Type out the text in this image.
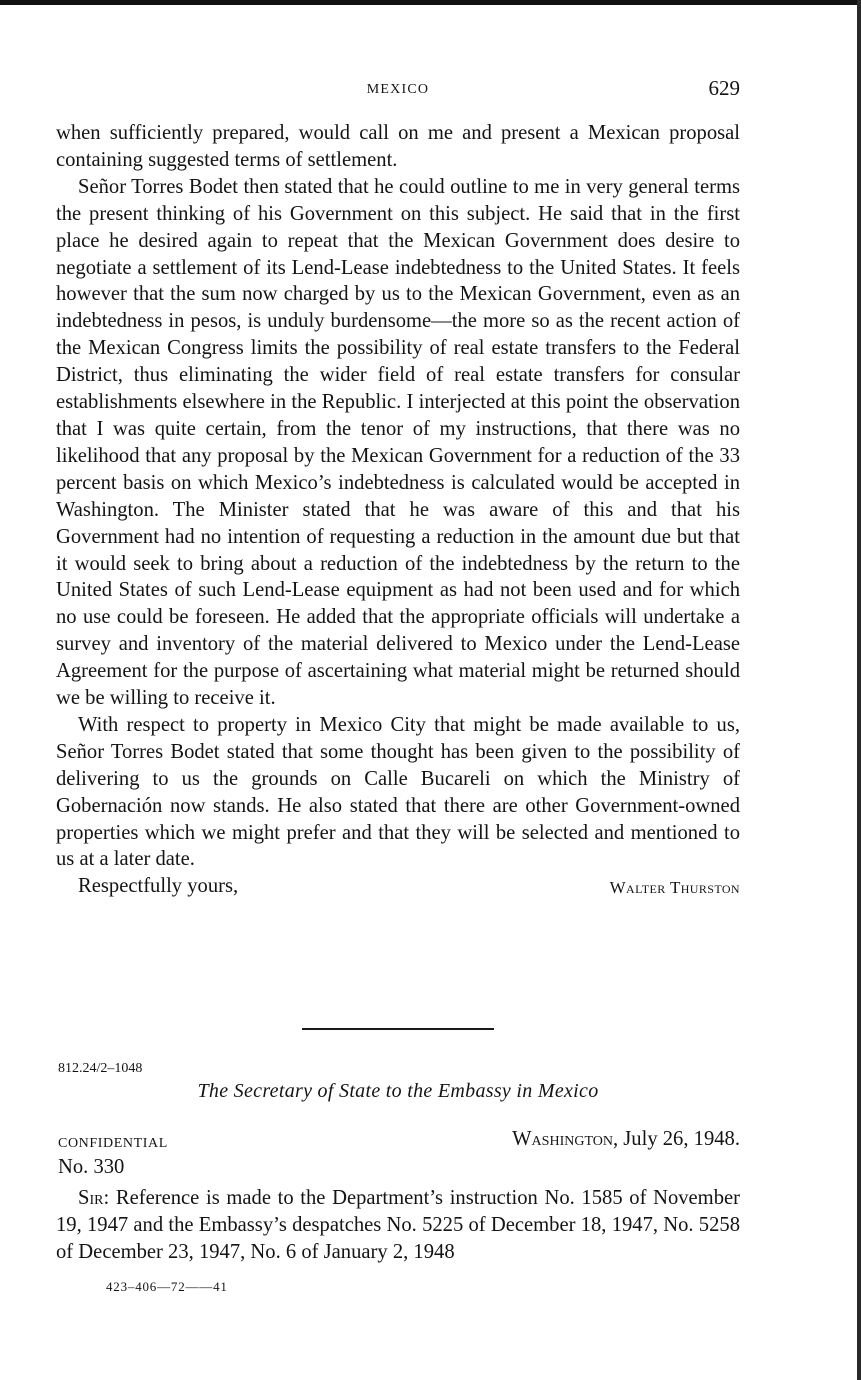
MEXICO	629

when sufficiently prepared, would call on me and present a Mexican proposal containing suggested terms of settlement.

Señor Torres Bodet then stated that he could outline to me in very general terms the present thinking of his Government on this subject. He said that in the first place he desired again to repeat that the Mexican Government does desire to negotiate a settlement of its Lend-Lease indebtedness to the United States. It feels however that the sum now charged by us to the Mexican Government, even as an indebtedness in pesos, is unduly burdensome—the more so as the recent action of the Mexican Congress limits the possibility of real estate transfers to the Federal District, thus eliminating the wider field of real estate transfers for consular establishments elsewhere in the Republic. I interjected at this point the observation that I was quite certain, from the tenor of my instructions, that there was no likelihood that any proposal by the Mexican Government for a reduction of the 33 percent basis on which Mexico’s indebtedness is calculated would be accepted in Washington. The Minister stated that he was aware of this and that his Government had no intention of requesting a reduction in the amount due but that it would seek to bring about a reduction of the indebtedness by the return to the United States of such Lend-Lease equipment as had not been used and for which no use could be foreseen. He added that the appropriate officials will undertake a survey and inventory of the material delivered to Mexico under the Lend-Lease Agreement for the purpose of ascertaining what material might be returned should we be willing to receive it.

With respect to property in Mexico City that might be made available to us, Señor Torres Bodet stated that some thought has been given to the possibility of delivering to us the grounds on Calle Bucareli on which the Ministry of Gobernación now stands. He also stated that there are other Government-owned properties which we might prefer and that they will be selected and mentioned to us at a later date.

Respectfully yours,	Walter Thurston
812.24/2–1048
The Secretary of State to the Embassy in Mexico
CONFIDENTIAL	Washington, July 26, 1948.
No. 330

Sir: Reference is made to the Department’s instruction No. 1585 of November 19, 1947 and the Embassy’s despatches No. 5225 of December 18, 1947, No. 5258 of December 23, 1947, No. 6 of January 2, 1948

423–406—72——41
